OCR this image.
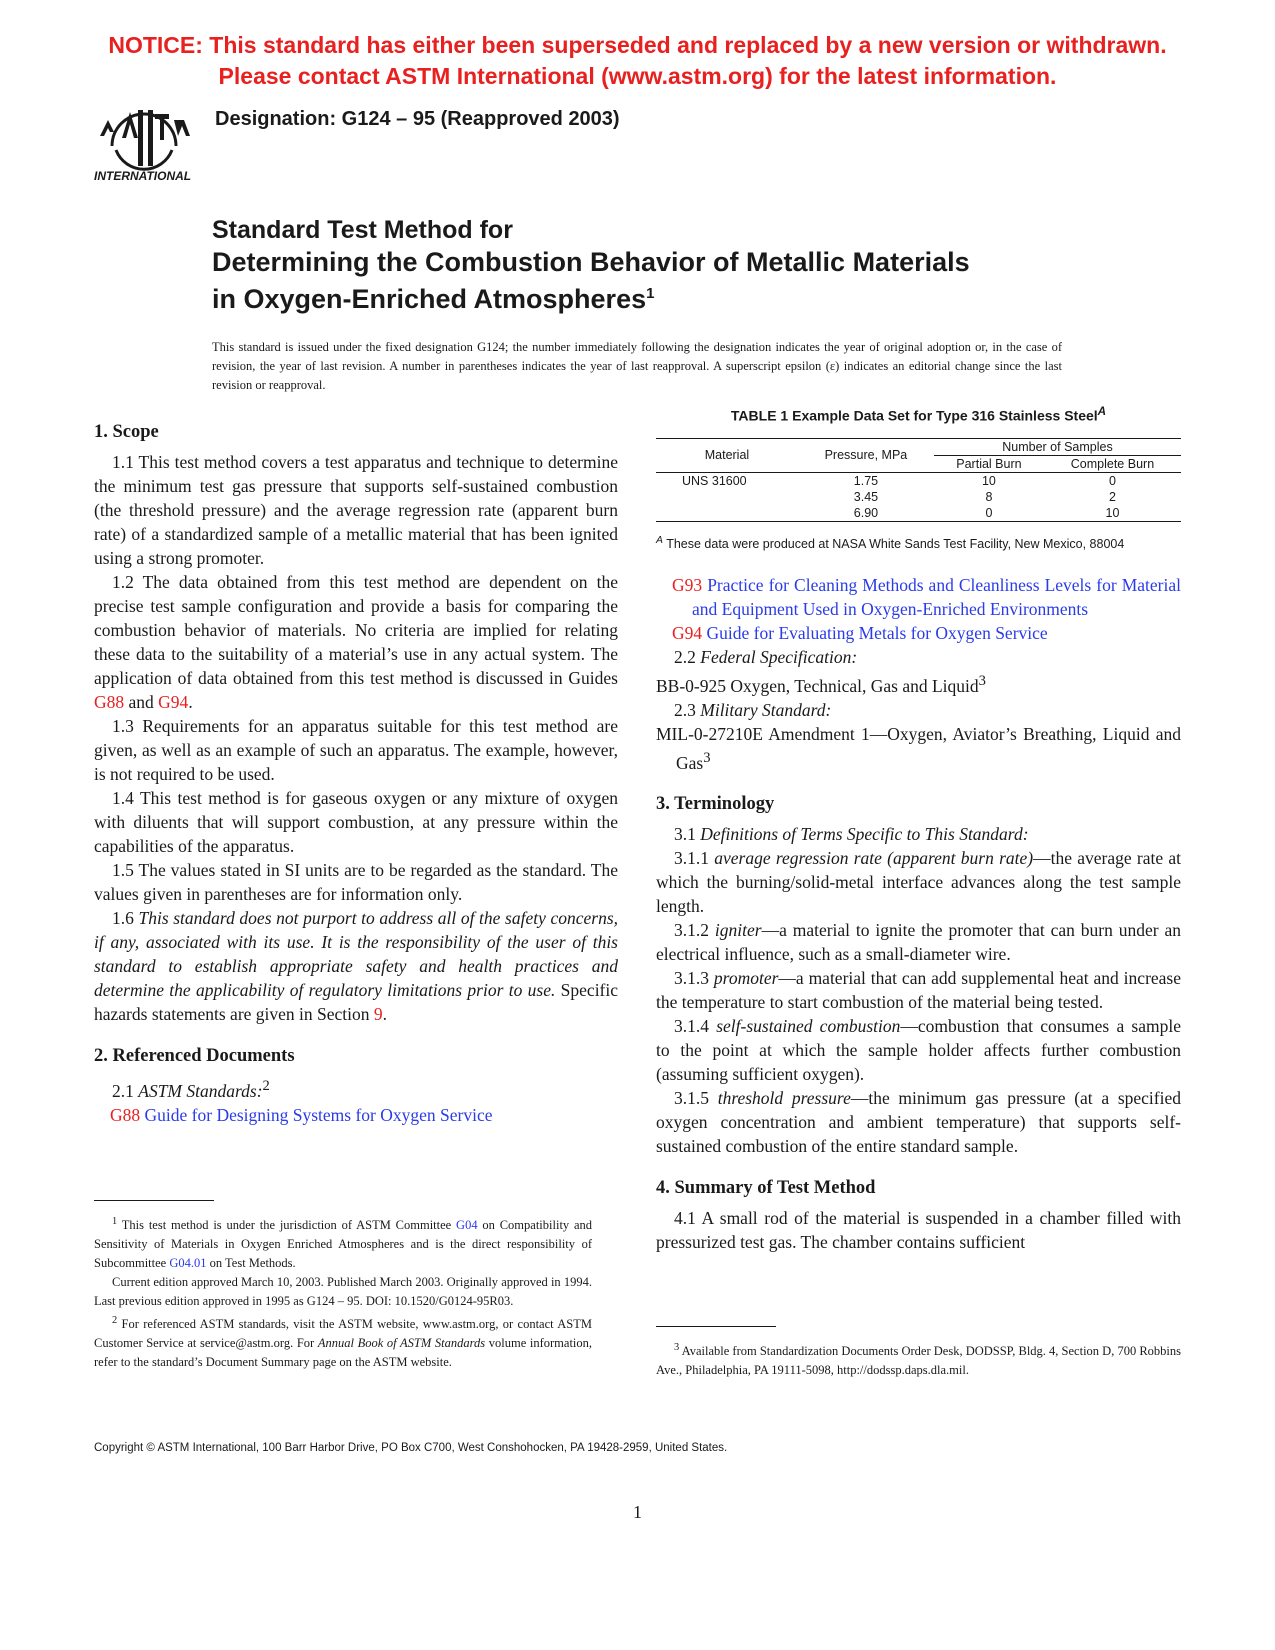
NOTICE: This standard has either been superseded and replaced by a new version or withdrawn.
Please contact ASTM International (www.astm.org) for the latest information.
INTERNATIONAL
Designation: G124 – 95 (Reapproved 2003)
Standard Test Method for
Determining the Combustion Behavior of Metallic Materials
in Oxygen-Enriched Atmospheres$^1$
This standard is issued under the fixed designation G124; the number immediately following the designation indicates the year of original adoption or, in the case of revision, the year of last revision. A number in parentheses indicates the year of last reapproval. A superscript epsilon (ε) indicates an editorial change since the last revision or reapproval.
1. Scope

1.1 This test method covers a test apparatus and technique to determine the minimum test gas pressure that supports self-sustained combustion (the threshold pressure) and the average regression rate (apparent burn rate) of a standardized sample of a metallic material that has been ignited using a strong promoter.

1.2 The data obtained from this test method are dependent on the precise test sample configuration and provide a basis for comparing the combustion behavior of materials. No criteria are implied for relating these data to the suitability of a material’s use in any actual system. The application of data obtained from this test method is discussed in Guides G88 and G94.

1.3 Requirements for an apparatus suitable for this test method are given, as well as an example of such an apparatus. The example, however, is not required to be used.

1.4 This test method is for gaseous oxygen or any mixture of oxygen with diluents that will support combustion, at any pressure within the capabilities of the apparatus.

1.5 The values stated in SI units are to be regarded as the standard. The values given in parentheses are for information only.

1.6 This standard does not purport to address all of the safety concerns, if any, associated with its use. It is the responsibility of the user of this standard to establish appropriate safety and health practices and determine the applicability of regulatory limitations prior to use. Specific hazards statements are given in Section 9.

2. Referenced Documents

2.1 ASTM Standards:$^2$

G88 Guide for Designing Systems for Oxygen Service

$^1$ This test method is under the jurisdiction of ASTM Committee G04 on Compatibility and Sensitivity of Materials in Oxygen Enriched Atmospheres and is the direct responsibility of Subcommittee G04.01 on Test Methods.

Current edition approved March 10, 2003. Published March 2003. Originally approved in 1994. Last previous edition approved in 1995 as G124 – 95. DOI: 10.1520/G0124-95R03.

$^2$ For referenced ASTM standards, visit the ASTM website, www.astm.org, or contact ASTM Customer Service at service@astm.org. For Annual Book of ASTM Standards volume information, refer to the standard’s Document Summary page on the ASTM website.

TABLE 1 Example Data Set for Type 316 Stainless Steel$^A$
Material	Pressure, MPa	Number of Samples	
		Partial Burn	Complete Burn
UNS 31600	1.75	10	0
	3.45	8	2
	6.90	0	10
$^A$ These data were produced at NASA White Sands Test Facility, New Mexico, 88004
G93 Practice for Cleaning Methods and Cleanliness Levels for Material and Equipment Used in Oxygen-Enriched Environments
G94 Guide for Evaluating Metals for Oxygen Service
2.2 Federal Specification:
BB-0-925 Oxygen, Technical, Gas and Liquid$^3$
2.3 Military Standard:
MIL-0-27210E Amendment 1—Oxygen, Aviator’s Breathing, Liquid and Gas$^3$
3. Terminology

3.1 Definitions of Terms Specific to This Standard:

3.1.1 average regression rate (apparent burn rate)—the average rate at which the burning/solid-metal interface advances along the test sample length.

3.1.2 igniter—a material to ignite the promoter that can burn under an electrical influence, such as a small-diameter wire.

3.1.3 promoter—a material that can add supplemental heat and increase the temperature to start combustion of the material being tested.

3.1.4 self-sustained combustion—combustion that consumes a sample to the point at which the sample holder affects further combustion (assuming sufficient oxygen).

3.1.5 threshold pressure—the minimum gas pressure (at a specified oxygen concentration and ambient temperature) that supports self-sustained combustion of the entire standard sample.

4. Summary of Test Method

4.1 A small rod of the material is suspended in a chamber filled with pressurized test gas. The chamber contains sufficient

$^3$ Available from Standardization Documents Order Desk, DODSSP, Bldg. 4, Section D, 700 Robbins Ave., Philadelphia, PA 19111-5098, http://dodssp.daps.dla.mil.

Copyright © ASTM International, 100 Barr Harbor Drive, PO Box C700, West Conshohocken, PA 19428-2959, United States.
1
